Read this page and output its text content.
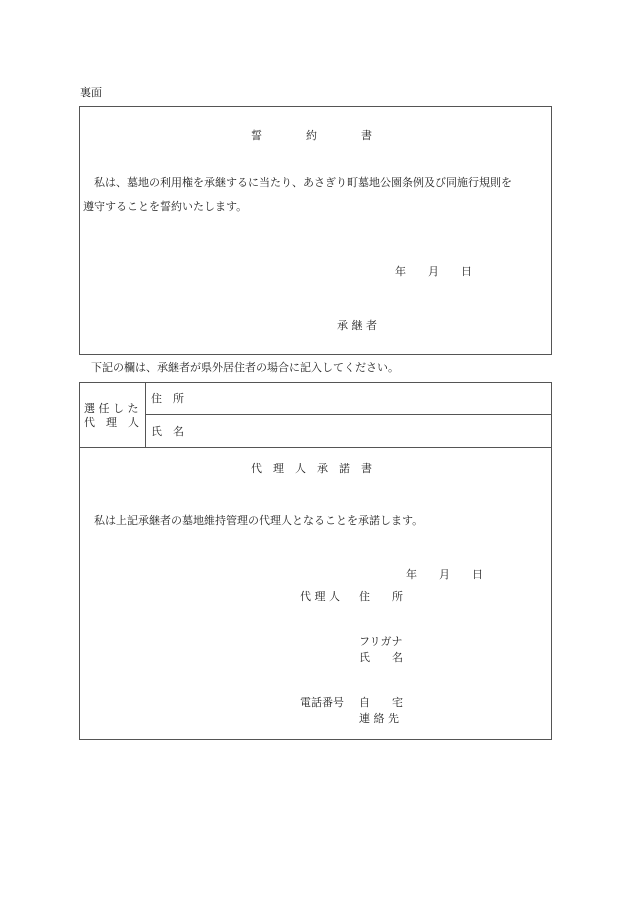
裏面
誓　　　　約　　　　書
　私は、墓地の利用権を承継するに当たり、あさぎり町墓地公園条例及び同施行規則を
遵守することを誓約いたします。
年　　月　　日
承 継 者
下記の欄は、承継者が県外居住者の場合に記入してください。
選 任 し た
代　理　人
住　所
氏　名
代　理　人　承　諾　書
　私は上記承継者の墓地維持管理の代理人となることを承諾します。
年　　月　　日
代 理 人 住　　所
フリガナ
氏　　名
電話番号 自　　宅
連 絡 先
